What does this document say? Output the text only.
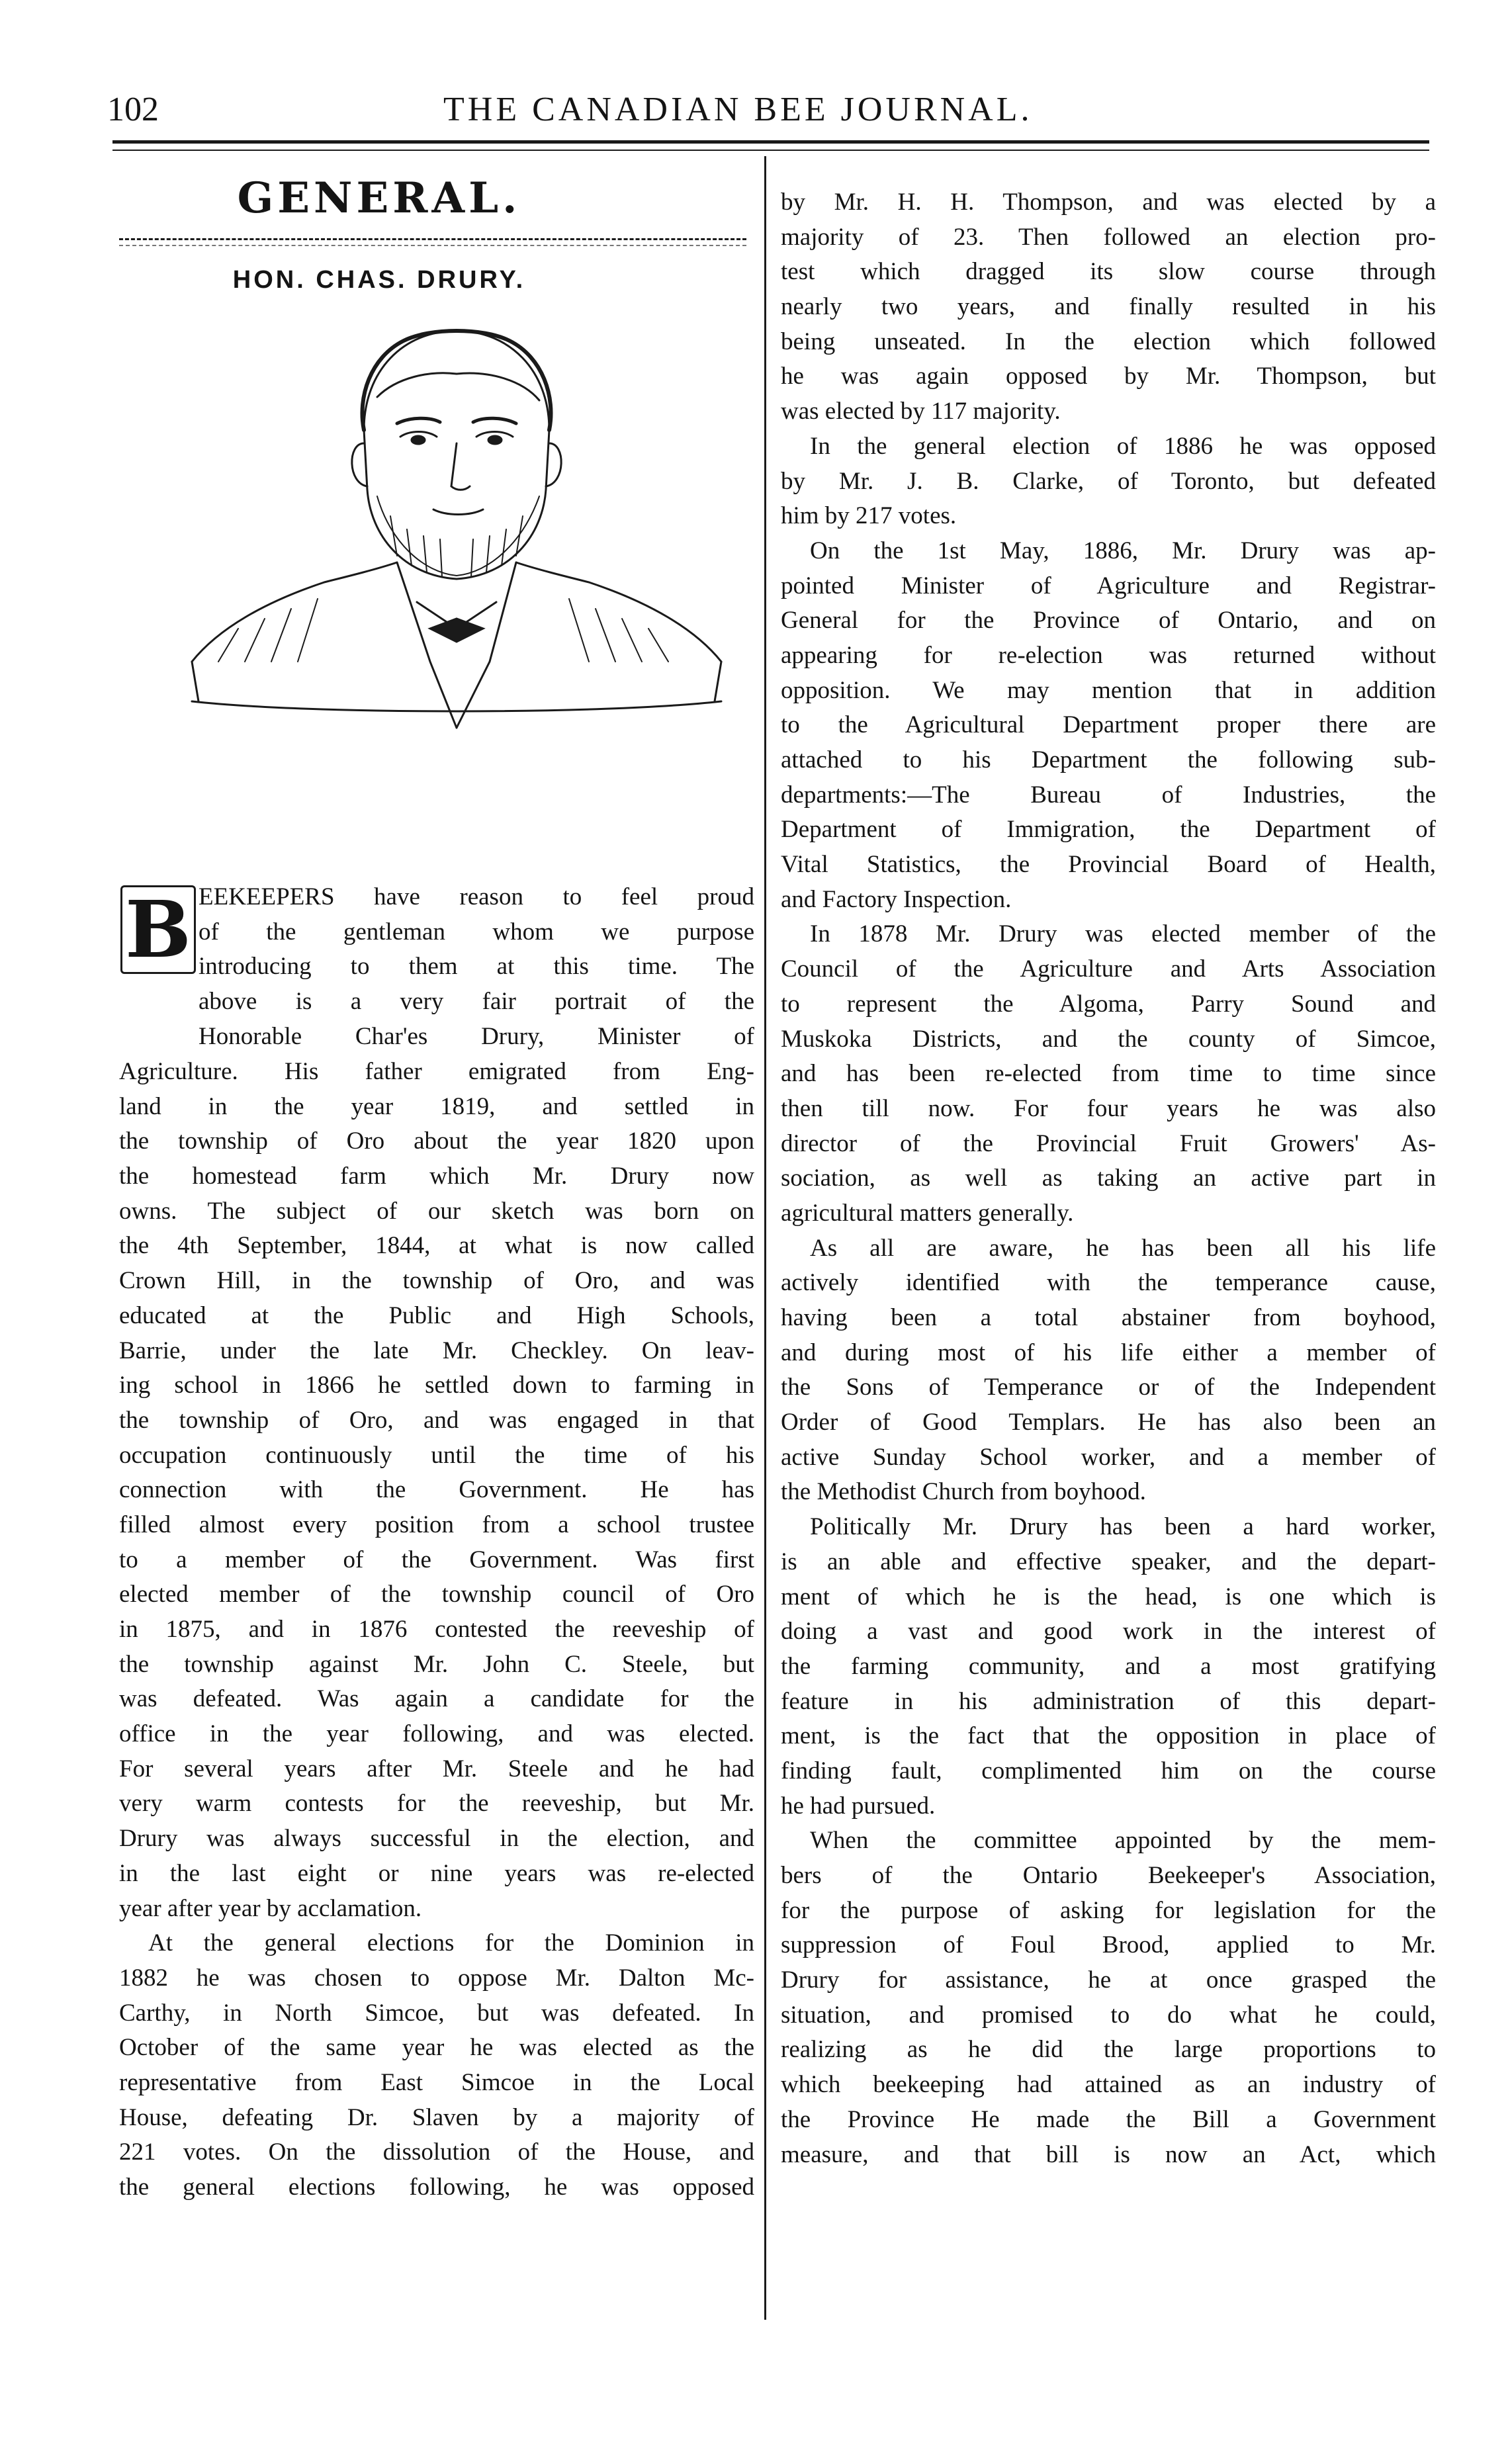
102	THE CANADIAN BEE JOURNAL.
GENERAL.
HON. CHAS. DRURY.
B EEKEEPERS have reason to feel proud
of the gentleman whom we purpose
introducing to them at this time. The
above is a very fair portrait of the
Honorable Char'es Drury, Minister of
Agriculture. His father emigrated from Eng-
land in the year 1819, and settled in
the township of Oro about the year 1820 upon
the homestead farm which Mr. Drury now
owns. The subject of our sketch was born on
the 4th September, 1844, at what is now called
Crown Hill, in the township of Oro, and was
educated at the Public and High Schools,
Barrie, under the late Mr. Checkley. On leav-
ing school in 1866 he settled down to farming in
the township of Oro, and was engaged in that
occupation continuously until the time of his
connection with the Government. He has
filled almost every position from a school trustee
to a member of the Government. Was first
elected member of the township council of Oro
in 1875, and in 1876 contested the reeveship of
the township against Mr. John C. Steele, but
was defeated. Was again a candidate for the
office in the year following, and was elected.
For several years after Mr. Steele and he had
very warm contests for the reeveship, but Mr.
Drury was always successful in the election, and
in the last eight or nine years was re-elected
year after year by acclamation.
At the general elections for the Dominion in
1882 he was chosen to oppose Mr. Dalton Mc-
Carthy, in North Simcoe, but was defeated. In
October of the same year he was elected as the
representative from East Simcoe in the Local
House, defeating Dr. Slaven by a majority of
221 votes. On the dissolution of the House, and
the general elections following, he was opposed
by Mr. H. H. Thompson, and was elected by a
majority of 23. Then followed an election pro-
test which dragged its slow course through
nearly two years, and finally resulted in his
being unseated. In the election which followed
he was again opposed by Mr. Thompson, but
was elected by 117 majority.
In the general election of 1886 he was opposed
by Mr. J. B. Clarke, of Toronto, but defeated
him by 217 votes.
On the 1st May, 1886, Mr. Drury was ap-
pointed Minister of Agriculture and Registrar-
General for the Province of Ontario, and on
appearing for re-election was returned without
opposition. We may mention that in addition
to the Agricultural Department proper there are
attached to his Department the following sub-
departments:—The Bureau of Industries, the
Department of Immigration, the Department of
Vital Statistics, the Provincial Board of Health,
and Factory Inspection.
In 1878 Mr. Drury was elected member of the
Council of the Agriculture and Arts Association
to represent the Algoma, Parry Sound and
Muskoka Districts, and the county of Simcoe,
and has been re-elected from time to time since
then till now. For four years he was also
director of the Provincial Fruit Growers' As-
sociation, as well as taking an active part in
agricultural matters generally.
As all are aware, he has been all his life
actively identified with the temperance cause,
having been a total abstainer from boyhood,
and during most of his life either a member of
the Sons of Temperance or of the Independent
Order of Good Templars. He has also been an
active Sunday School worker, and a member of
the Methodist Church from boyhood.
Politically Mr. Drury has been a hard worker,
is an able and effective speaker, and the depart-
ment of which he is the head, is one which is
doing a vast and good work in the interest of
the farming community, and a most gratifying
feature in his administration of this depart-
ment, is the fact that the opposition in place of
finding fault, complimented him on the course
he had pursued.
When the committee appointed by the mem-
bers of the Ontario Beekeeper's Association,
for the purpose of asking for legislation for the
suppression of Foul Brood, applied to Mr.
Drury for assistance, he at once grasped the
situation, and promised to do what he could,
realizing as he did the large proportions to
which beekeeping had attained as an industry of
the Province He made the Bill a Government
measure, and that bill is now an Act, which
